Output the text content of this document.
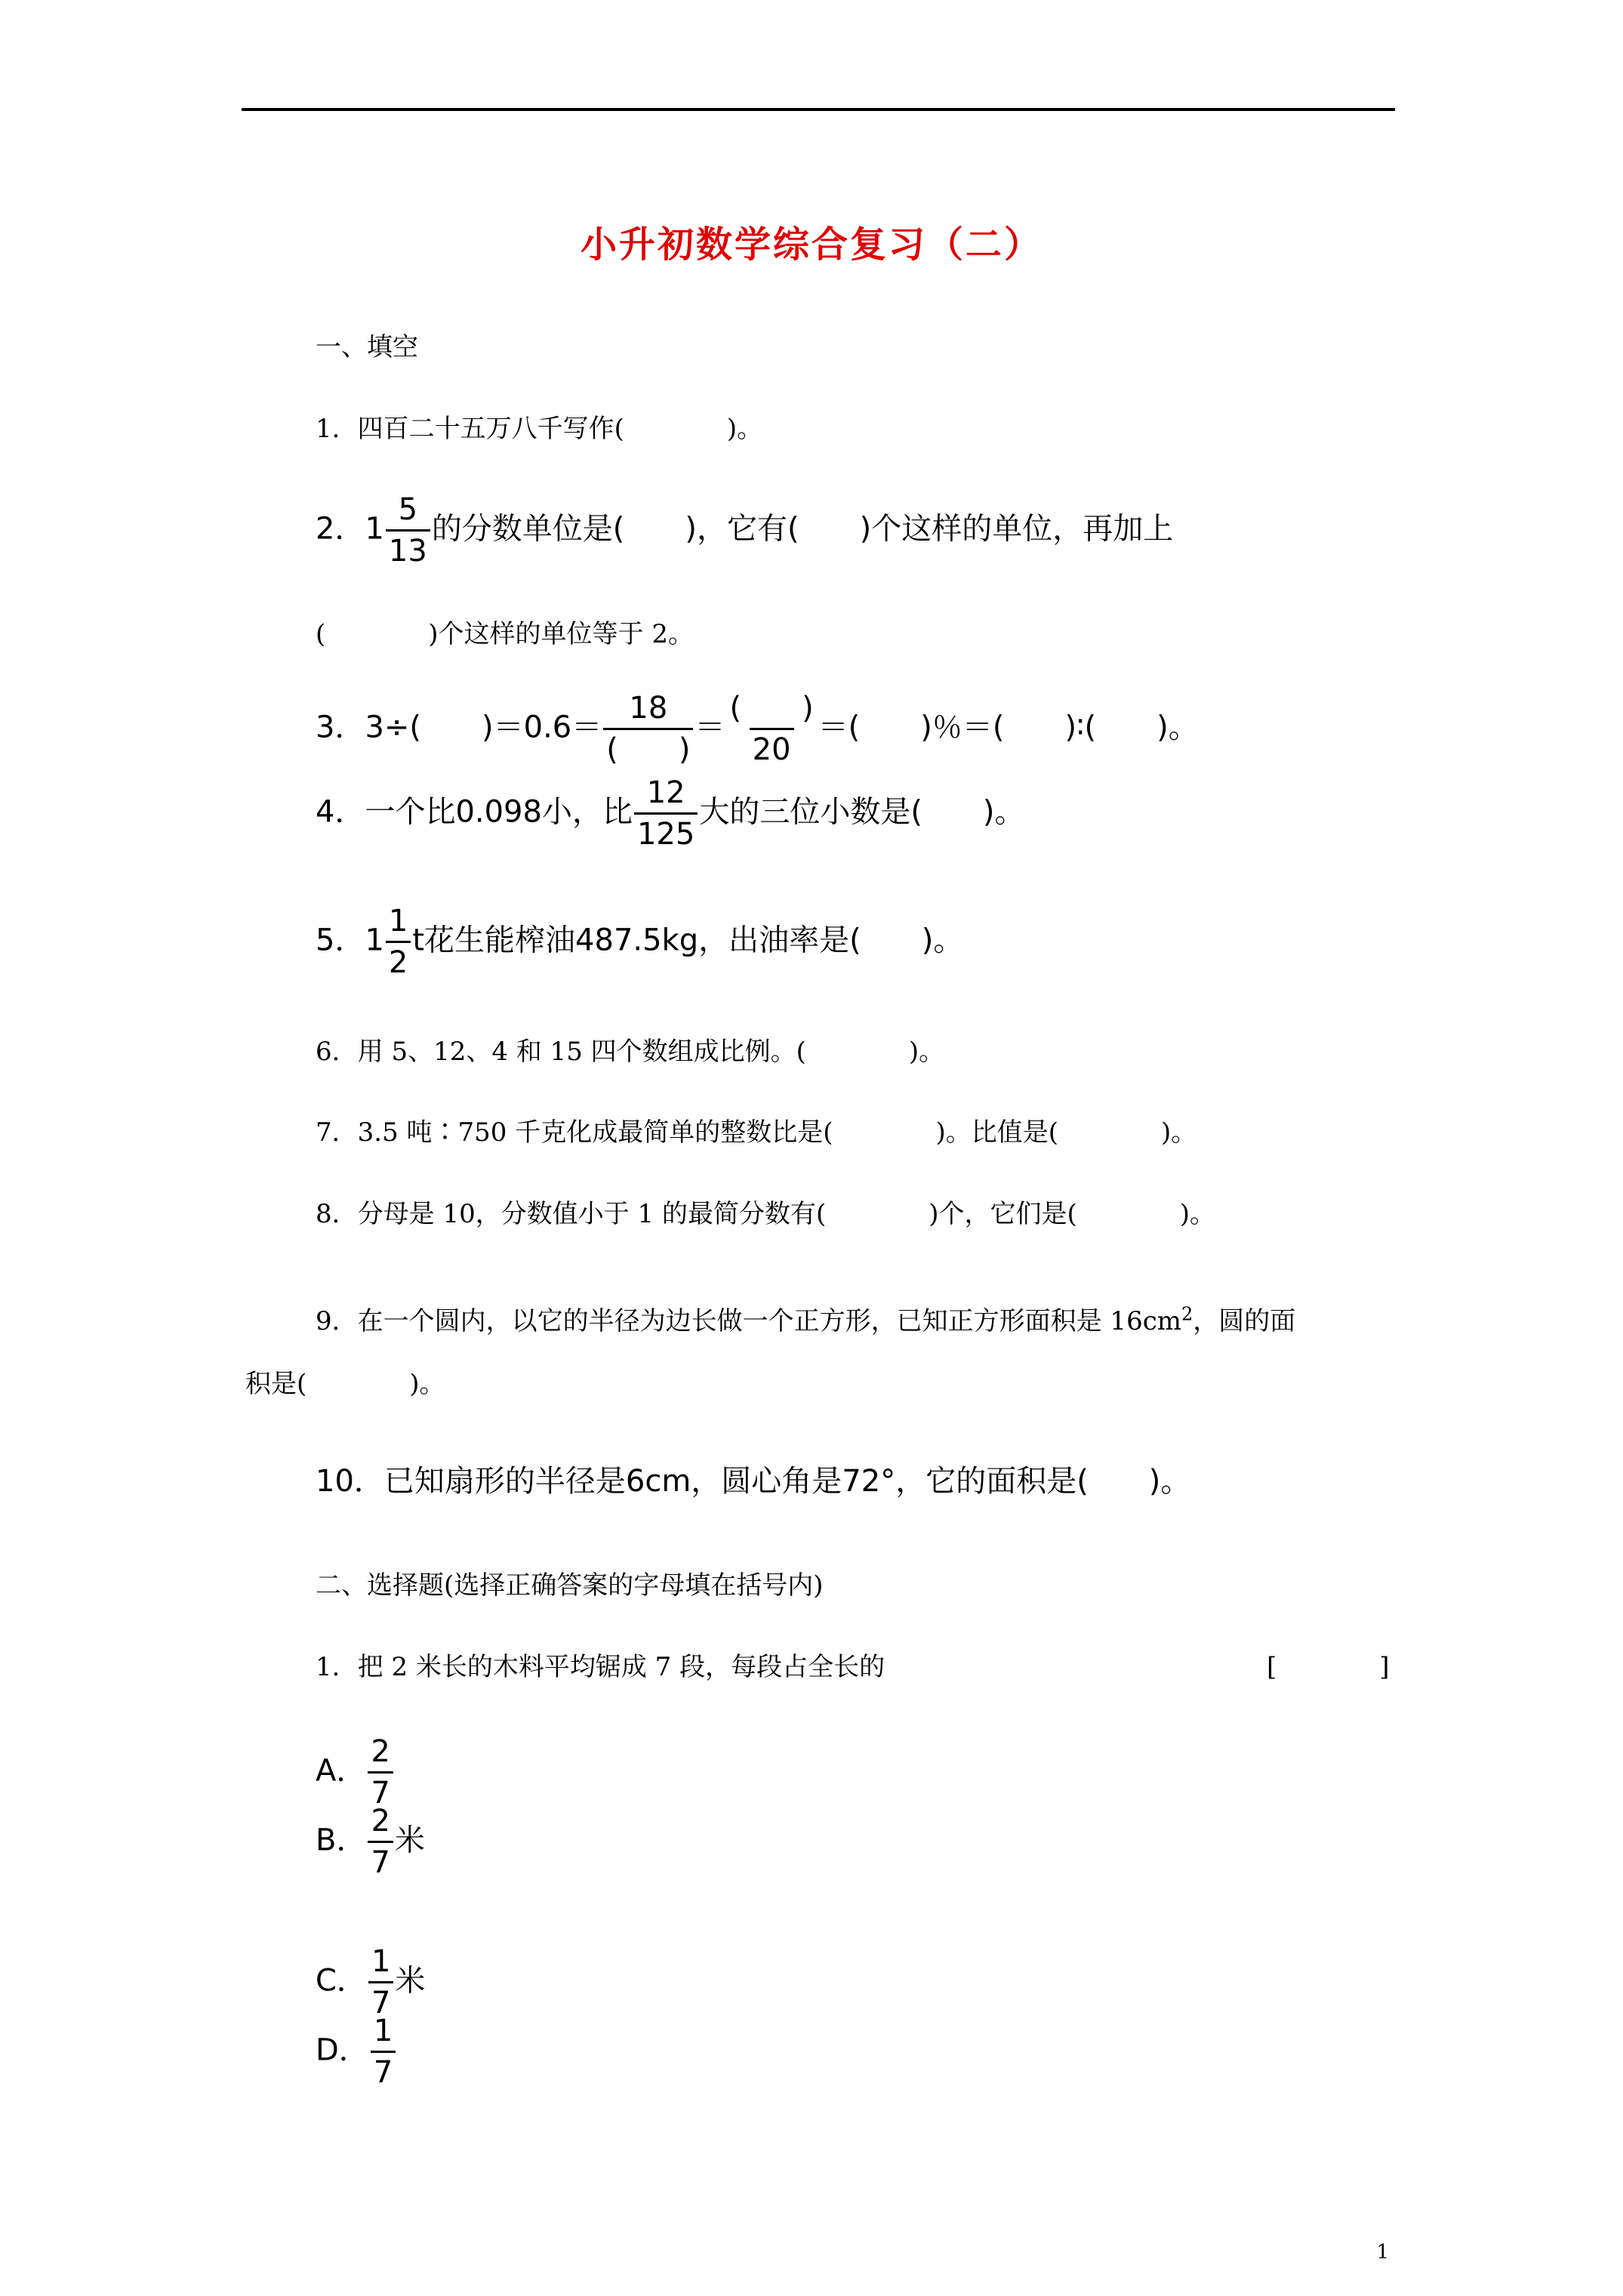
小升初数学综合复习（二）
一、填空
1．四百二十五万八千写作(　　　　)。
2．$1 \frac{5}{13}$ 的分数单位是(　　)，它有(　　)个这样的单位，再加上
(　　　　)个这样的单位等于 2。
3．3÷(　　)$=0.6= \frac{18}{( )} = \frac{( )}{20}$ ＝(　　)％＝(　　)∶(　　)。
4．一个比0.098小，比 $\frac{12}{125}$ 大的三位小数是(　　)。
5．$1 \frac{1}{2}$ t花生能榨油487.5kg，出油率是(　　)。
6．用 5、12、4 和 15 四个数组成比例。(　　　　)。
7．3.5 吨∶750 千克化成最简单的整数比是(　　　　)。比值是(　　　　)。
8．分母是 10，分数值小于 1 的最简分数有(　　　　)个，它们是(　　　　)。
9．在一个圆内，以它的半径为边长做一个正方形，已知正方形面积是 $16cm^2$，圆的面
积是(　　　　)。
10．已知扇形的半径是6cm，圆心角是72°，它的面积是(　　)。
二、选择题(选择正确答案的字母填在括号内)
1．把 2 米长的木料平均锯成 7 段，每段占全长的	[　　　　]
A． $\frac{2}{7}$
B． $\frac{2}{7}$ 米
C． $\frac{1}{7}$ 米
D． $\frac{1}{7}$
1
